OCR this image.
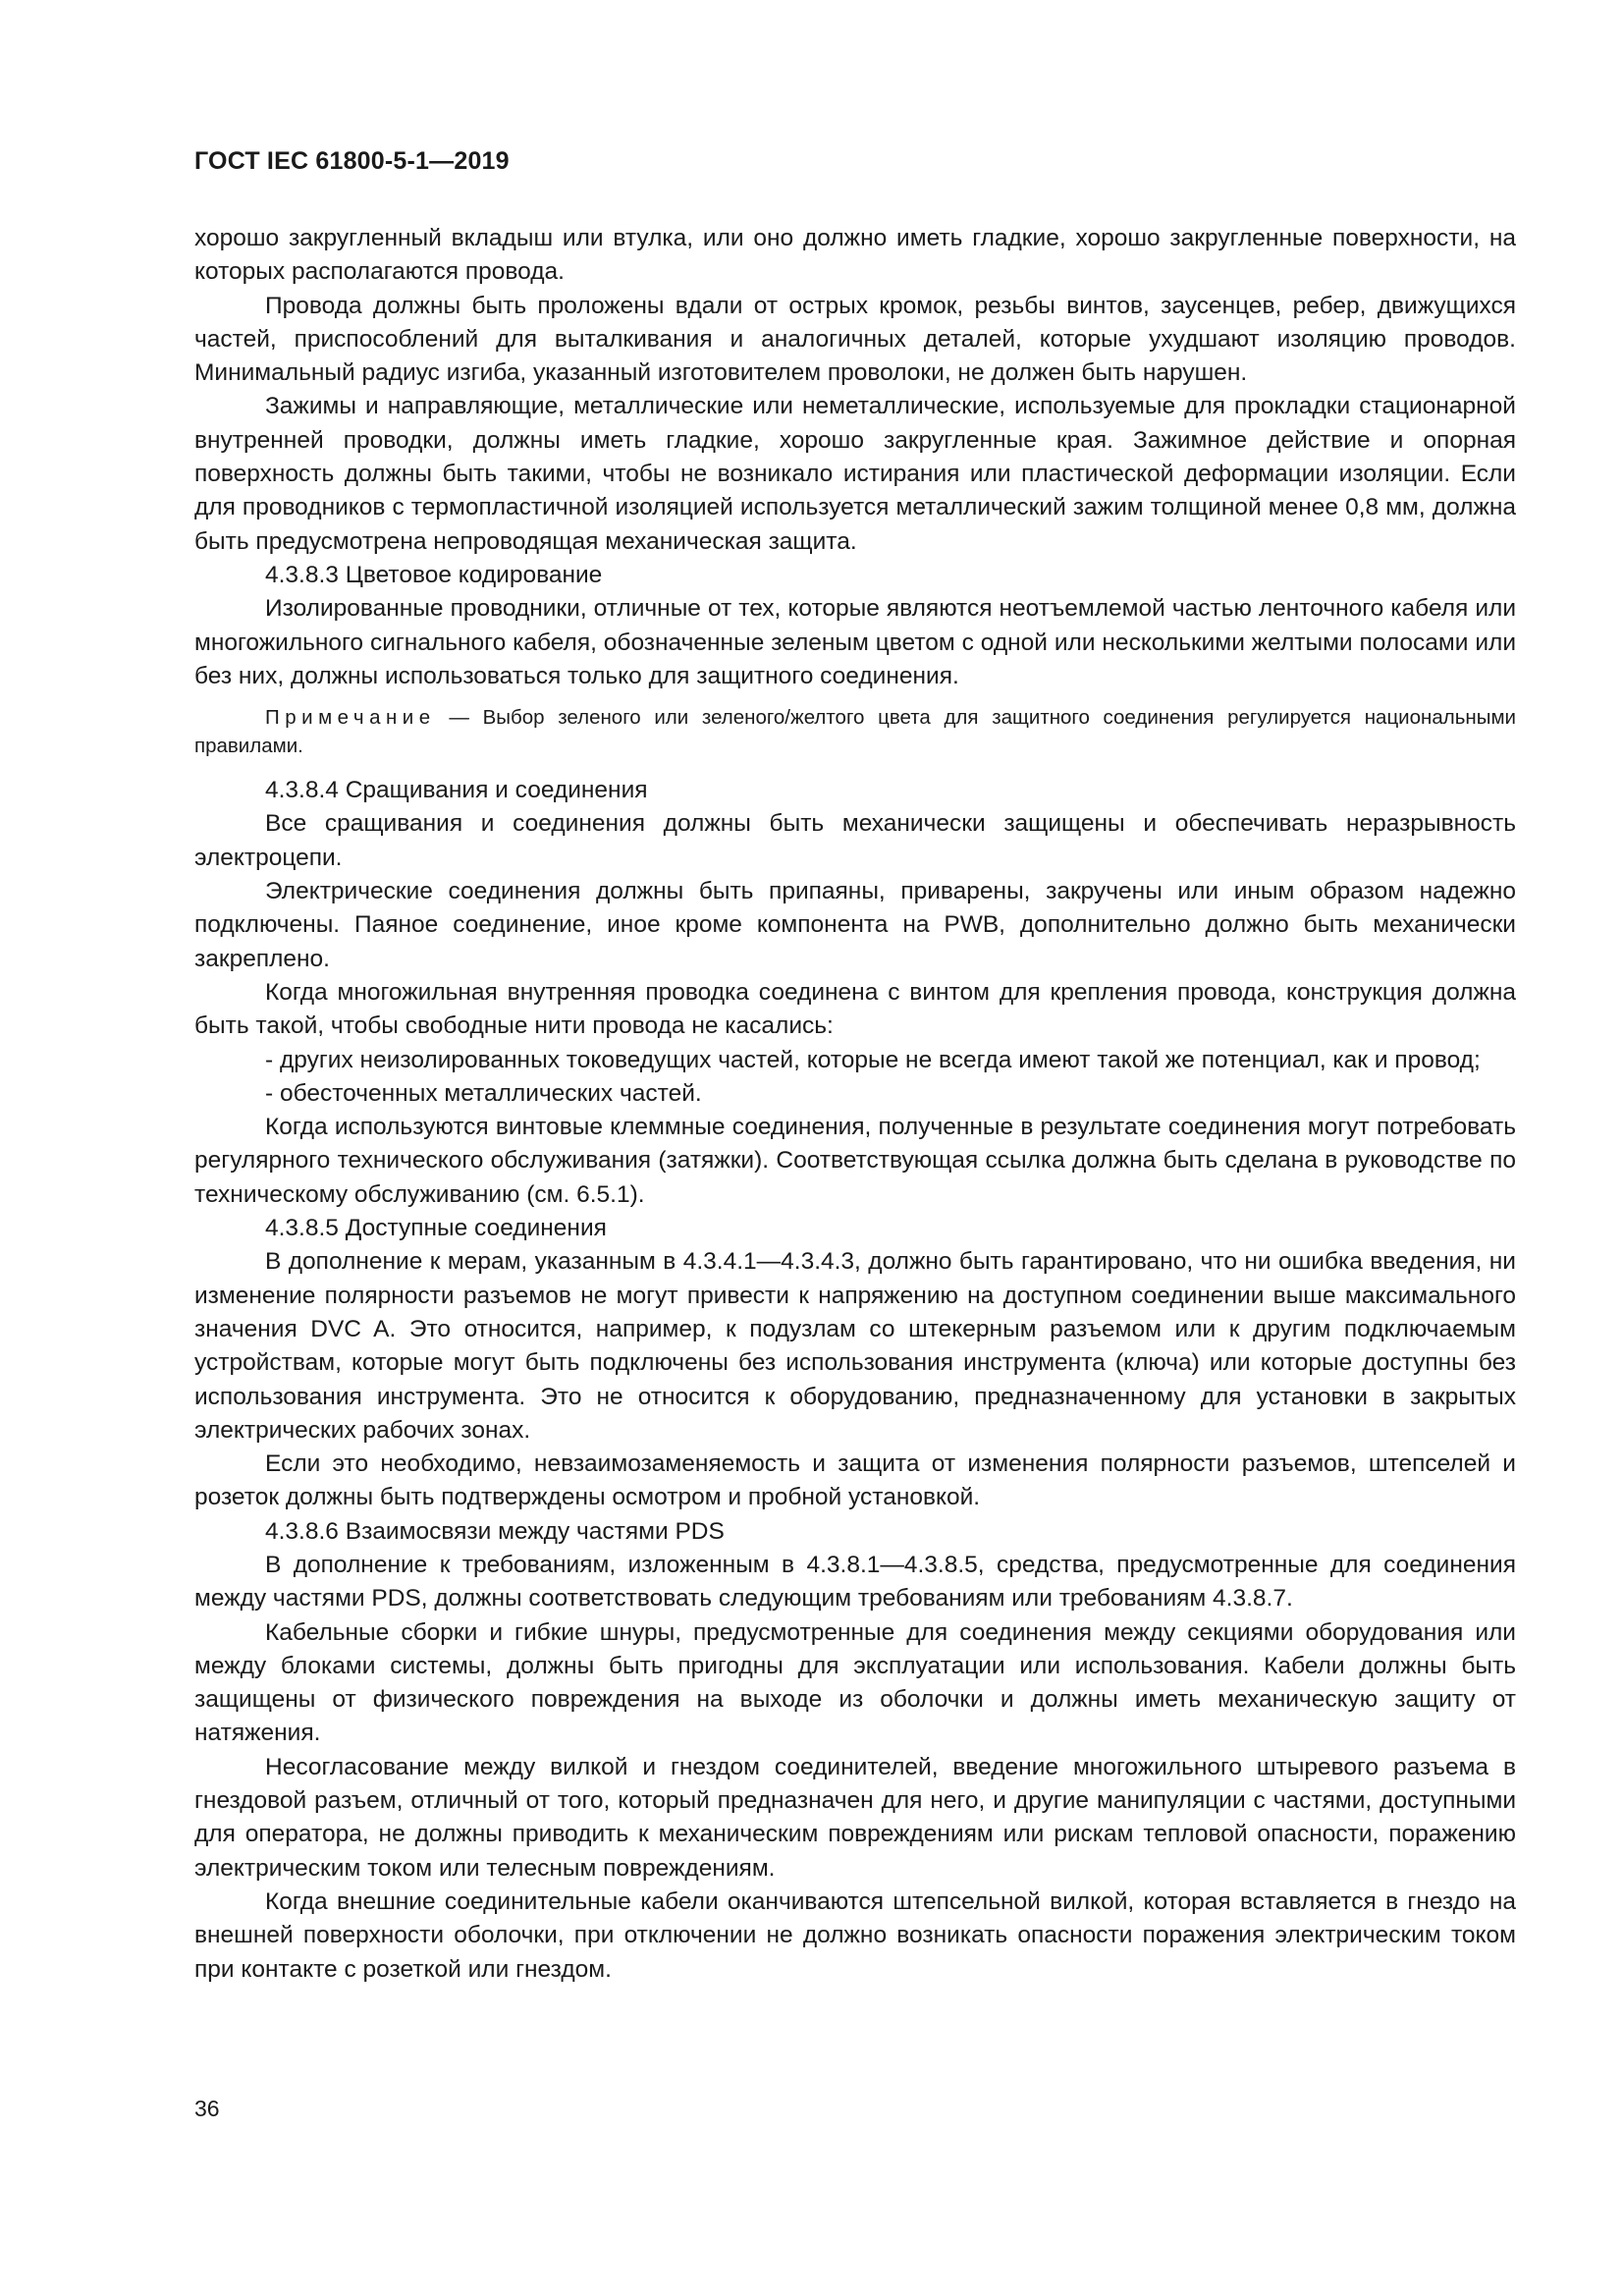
ГОСТ IEC 61800-5-1—2019

хорошо закругленный вкладыш или втулка, или оно должно иметь гладкие, хорошо закругленные поверхности, на которых располагаются провода.

Провода должны быть проложены вдали от острых кромок, резьбы винтов, заусенцев, ребер, движущихся частей, приспособлений для выталкивания и аналогичных деталей, которые ухудшают изоляцию проводов. Минимальный радиус изгиба, указанный изготовителем проволоки, не должен быть нарушен.

Зажимы и направляющие, металлические или неметаллические, используемые для прокладки стационарной внутренней проводки, должны иметь гладкие, хорошо закругленные края. Зажимное действие и опорная поверхность должны быть такими, чтобы не возникало истирания или пластической деформации изоляции. Если для проводников с термопластичной изоляцией используется металлический зажим толщиной менее 0,8 мм, должна быть предусмотрена непроводящая механическая защита.

4.3.8.3 Цветовое кодирование

Изолированные проводники, отличные от тех, которые являются неотъемлемой частью ленточного кабеля или многожильного сигнального кабеля, обозначенные зеленым цветом с одной или несколькими желтыми полосами или без них, должны использоваться только для защитного соединения.

Примечание — Выбор зеленого или зеленого/желтого цвета для защитного соединения регулируется национальными правилами.

4.3.8.4 Сращивания и соединения

Все сращивания и соединения должны быть механически защищены и обеспечивать неразрывность электроцепи.

Электрические соединения должны быть припаяны, приварены, закручены или иным образом надежно подключены. Паяное соединение, иное кроме компонента на PWB, дополнительно должно быть механически закреплено.

Когда многожильная внутренняя проводка соединена с винтом для крепления провода, конструкция должна быть такой, чтобы свободные нити провода не касались:

- других неизолированных токоведущих частей, которые не всегда имеют такой же потенциал, как и провод;

- обесточенных металлических частей.

Когда используются винтовые клеммные соединения, полученные в результате соединения могут потребовать регулярного технического обслуживания (затяжки). Соответствующая ссылка должна быть сделана в руководстве по техническому обслуживанию (см. 6.5.1).

4.3.8.5 Доступные соединения

В дополнение к мерам, указанным в 4.3.4.1—4.3.4.3, должно быть гарантировано, что ни ошибка введения, ни изменение полярности разъемов не могут привести к напряжению на доступном соединении выше максимального значения DVC A. Это относится, например, к подузлам со штекерным разъемом или к другим подключаемым устройствам, которые могут быть подключены без использования инструмента (ключа) или которые доступны без использования инструмента. Это не относится к оборудованию, предназначенному для установки в закрытых электрических рабочих зонах.

Если это необходимо, невзаимозаменяемость и защита от изменения полярности разъемов, штепселей и розеток должны быть подтверждены осмотром и пробной установкой.

4.3.8.6 Взаимосвязи между частями PDS

В дополнение к требованиям, изложенным в 4.3.8.1—4.3.8.5, средства, предусмотренные для соединения между частями PDS, должны соответствовать следующим требованиям или требованиям 4.3.8.7.

Кабельные сборки и гибкие шнуры, предусмотренные для соединения между секциями оборудования или между блоками системы, должны быть пригодны для эксплуатации или использования. Кабели должны быть защищены от физического повреждения на выходе из оболочки и должны иметь механическую защиту от натяжения.

Несогласование между вилкой и гнездом соединителей, введение многожильного штыревого разъема в гнездовой разъем, отличный от того, который предназначен для него, и другие манипуляции с частями, доступными для оператора, не должны приводить к механическим повреждениям или рискам тепловой опасности, поражению электрическим током или телесным повреждениям.

Когда внешние соединительные кабели оканчиваются штепсельной вилкой, которая вставляется в гнездо на внешней поверхности оболочки, при отключении не должно возникать опасности поражения электрическим током при контакте с розеткой или гнездом.

36
